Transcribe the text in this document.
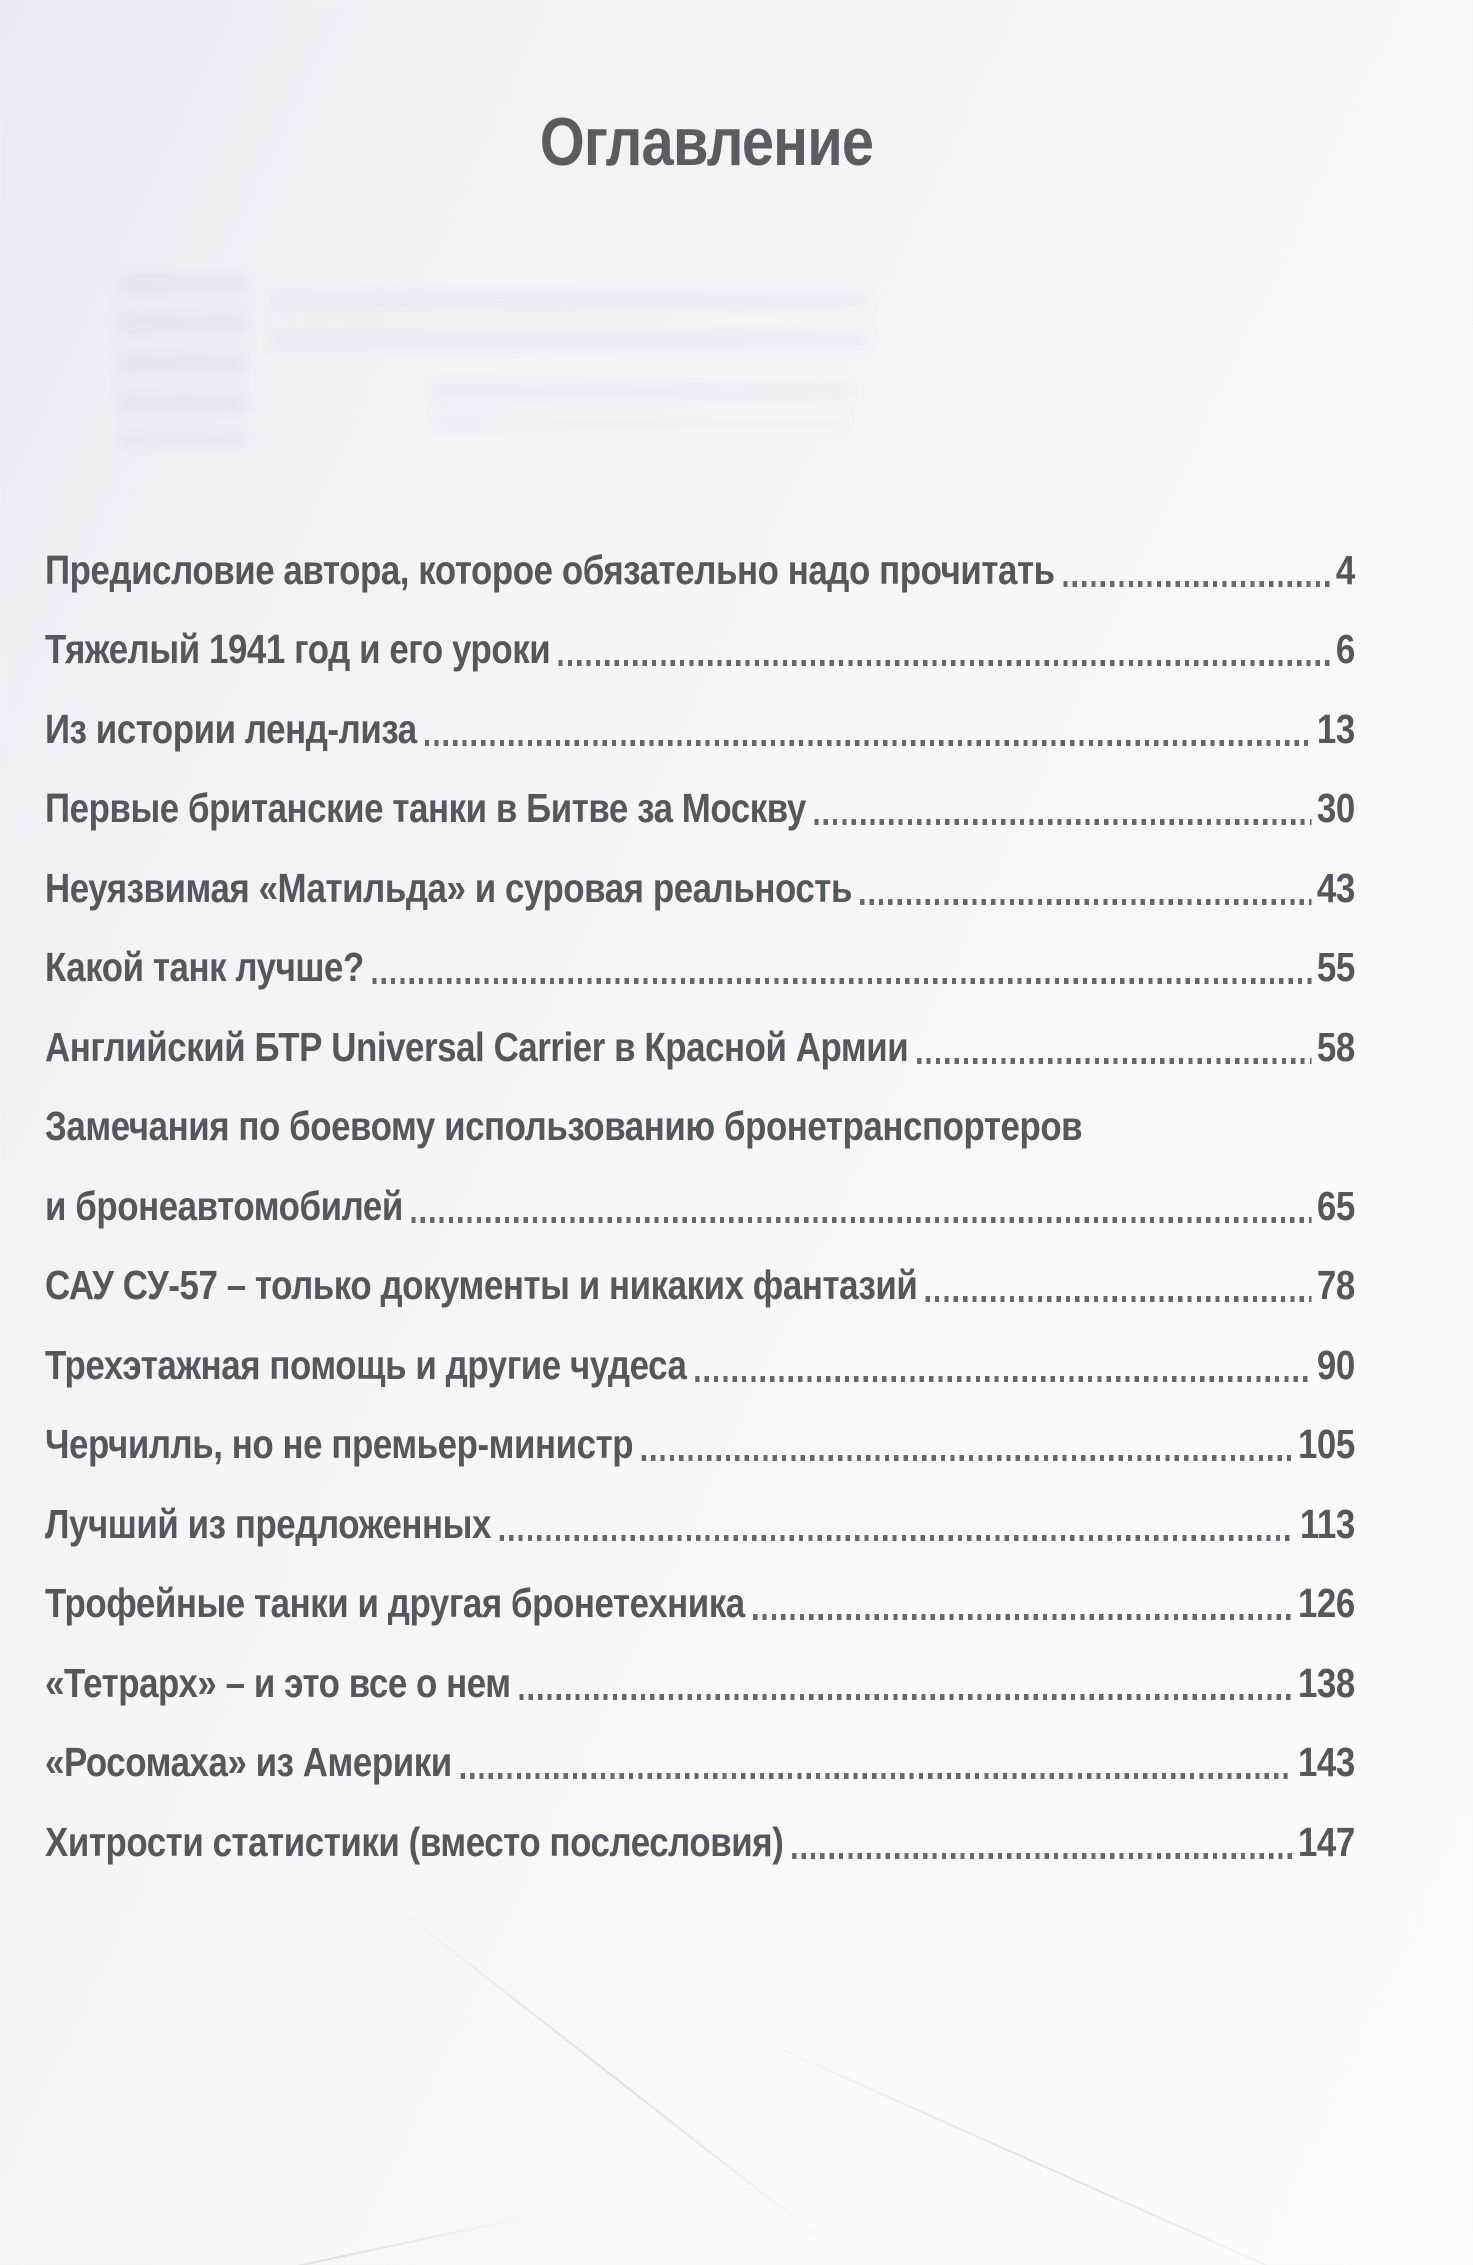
Оглавление
Предисловие автора, которое обязательно надо прочитать	4
Тяжелый 1941 год и его уроки	6
Из истории ленд-лиза	13
Первые британские танки в Битве за Москву	30
Неуязвимая «Матильда» и суровая реальность	43
Какой танк лучше?	55
Английский БТР Universal Carrier в Красной Армии	58
Замечания по боевому использованию бронетранспортеров
и бронеавтомобилей	65
САУ СУ-57 – только документы и никаких фантазий	78
Трехэтажная помощь и другие чудеса	90
Черчилль, но не премьер-министр	105
Лучший из предложенных	113
Трофейные танки и другая бронетехника	126
«Тетрарх» – и это все о нем	138
«Росомаха» из Америки	143
Хитрости статистики (вместо послесловия)	147
